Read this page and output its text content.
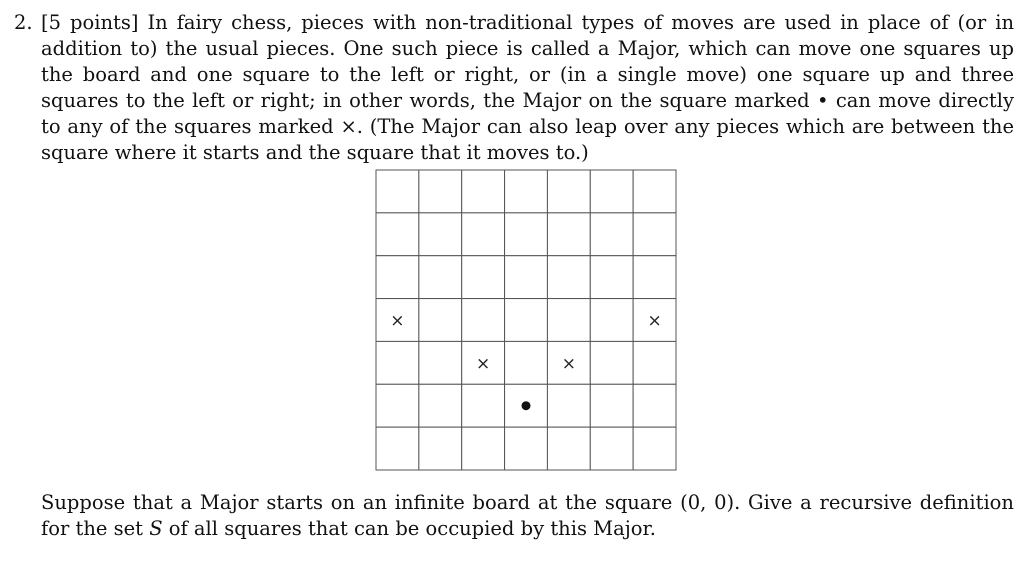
2. [5 points] In fairy chess, pieces with non-traditional types of moves are used in place of (or in addition to) the usual pieces. One such piece is called a Major, which can move one squares up the board and one square to the left or right, or (in a single move) one square up and three squares to the left or right; in other words, the Major on the square marked • can move directly to any of the squares marked ×. (The Major can also leap over any pieces which are between the square where it starts and the square that it moves to.)
×	×
×	×
Suppose that a Major starts on an infinite board at the square (0, 0). Give a recursive definition for the set S of all squares that can be occupied by this Major.
